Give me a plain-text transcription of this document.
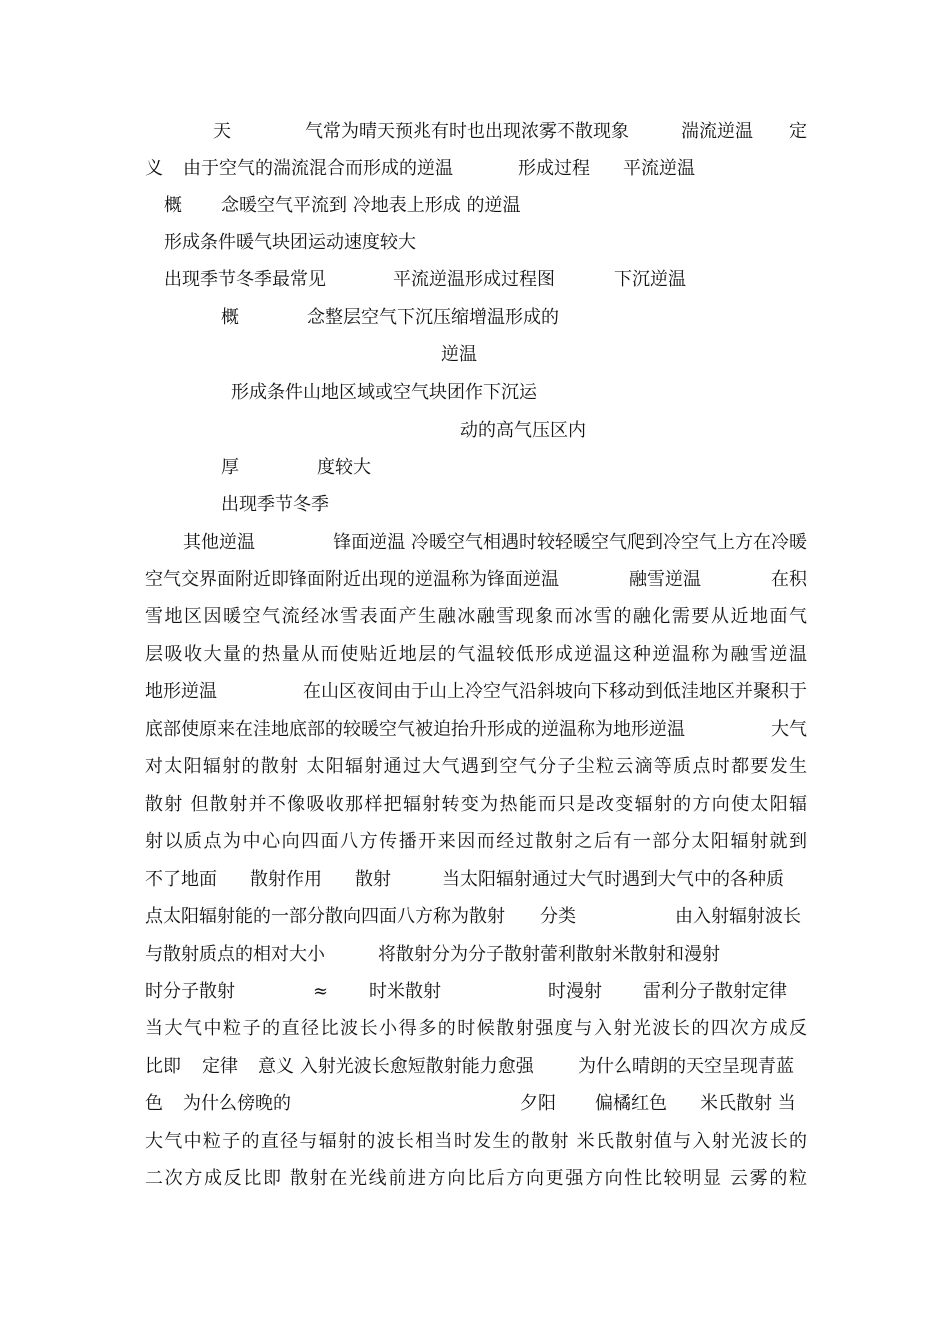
天	气常为晴天预兆有时也出现浓雾不散现象	湍流逆温 定
义 由于空气的湍流混合而形成的逆温	形成过程 平流逆温
概 念暖空气平流到 冷地表上形成 的逆温
形成条件暖气块团运动速度较大
出现季节冬季最常见	平流逆温形成过程图	下沉逆温
概	念整层空气下沉压缩增温形成的
逆温
形成条件山地区域或空气块团作下沉运
动的高气压区内
厚	度较大
出现季节冬季
其他逆温	锋面逆温 冷暖空气相遇时较轻暖空气爬到冷空气上方在冷暖
空气交界面附近即锋面附近出现的逆温称为锋面逆温	融雪逆温	在积
雪地区因暖空气流经冰雪表面产生融冰融雪现象而冰雪的融化需要从近地面气
层吸收大量的热量从而使贴近地层的气温较低形成逆温这种逆温称为融雪逆温
地形逆温	在山区夜间由于山上冷空气沿斜坡向下移动到低洼地区并聚积于
底部使原来在洼地底部的较暖空气被迫抬升形成的逆温称为地形逆温	大气
对太阳辐射的散射 太阳辐射通过大气遇到空气分子尘粒云滴等质点时都要发生
散射 但散射并不像吸收那样把辐射转变为热能而只是改变辐射的方向使太阳辐
射以质点为中心向四面八方传播开来因而经过散射之后有一部分太阳辐射就到
不了地面 散射作用 散射	当太阳辐射通过大气时遇到大气中的各种质
点太阳辐射能的一部分散向四面八方称为散射 分类	由入射辐射波长
与散射质点的相对大小	将散射分为分子散射蕾利散射米散射和漫射
时分子散射	≈ 时米散射	时漫射 雷利分子散射定律
当大气中粒子的直径比波长小得多的时候散射强度与入射光波长的四次方成反
比即 定律 意义 入射光波长愈短散射能力愈强 为什么晴朗的天空呈现青蓝
色 为什么傍晚的	夕阳 偏橘红色 米氏散射 当
大气中粒子的直径与辐射的波长相当时发生的散射 米氏散射值与入射光波长的
二次方成反比即 散射在光线前进方向比后方向更强方向性比较明显 云雾的粒
